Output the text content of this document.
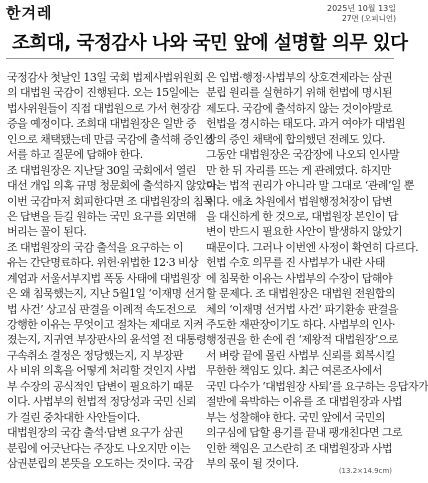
한겨레	2025년 10월 13일
27면 (오피니언)
조희대, 국정감사 나와 국민 앞에 설명할 의무 있다
국정감사 첫날인 13일 국회 법제사법위원회
의 대법원 국감이 진행된다. 오는 15일에는
법사위원들이 직접 대법원으로 가서 현장감
증을 예정이다. 조희대 대법원장은 일반 증
인으로 채택됐는데 만큼 국감에 출석해 증인선
서를 하고 질문에 답해야 한다.
조 대법원장은 지난달 30일 국회에서 열린
대선 개입 의혹 규명 청문회에 출석하지 않았다.
이번 국감마저 회피한다면 조 대법원장의 침묵
은 답변을 듣길 원하는 국민 요구를 외면해
버리는 꼴이 된다.
조 대법원장의 국감 출석을 요구하는 이
유는 간단명료하다. 위헌·위법한 12·3 비상
계엄과 서울서부지법 폭동 사태에 대법원장
은 왜 침묵했는지, 지난 5월1일 ‘이재명 선거
법 사건’ 상고심 판결을 이례적 속도전으로
강행한 이유는 무엇이고 절차는 제대로 지켜
졌는지, 지귀연 부장판사의 윤석열 전 대통령
구속취소 결정은 정당했는지, 지 부장판
사 비위 의혹을 어떻게 처리할 것인지 사법
부 수장의 공식적인 답변이 필요하기 때문
이다. 사법부의 헌법적 정당성과 국민 신뢰
가 걸린 중차대한 사안들이다.
대법원장의 국감 출석·답변 요구가 삼권
분립에 어긋난다는 주장도 나오지만 이는
삼권분립의 본뜻을 오도하는 것이다. 국감
은 입법·행정·사법부의 상호견제라는 삼권
분립 원리를 실현하기 위해 헌법에 명시된
제도다. 국감에 출석하지 않는 것이야말로
헌법을 경시하는 태도다. 과거 여야가 대법원
장의 증인 채택에 합의했던 전례도 있다.
그동안 대법원장은 국감장에 나오되 인사말
만 한 뒤 자리를 뜨는 게 관례였다. 하지만
이는 법적 권리가 아니라 말 그대로 ‘관례’일 뿐
이다. 애초 차원에서 법원행정처장이 답변
을 대신하게 한 것으로, 대법원장 본인이 답
변이 반드시 필요한 사안이 발생하지 않았기
때문이다. 그러나 이번엔 사정이 확연히 다르다.
헌법 수호 의무를 진 사법부가 내란 사태
에 침묵한 이유는 사법부의 수장이 답해야
할 문제다. 조 대법원장은 대법원 전원합의
체의 ‘이재명 선거법 사건’ 파기환송 판결을
주도한 재판장이기도 하다. 사법부의 인사·
행정권을 한 손에 쥔 ‘제왕적 대법원장’으로
서 벼랑 끝에 몰린 사법부 신뢰를 회복시킬
무한한 책임도 있다. 최근 여론조사에서
국민 다수가 ‘대법원장 사퇴’를 요구하는 응답자가
절반에 육박하는 이유를 조 대법원장과 사법
부는 성찰해야 한다. 국민 앞에서 국민의
의구심에 답할 용기를 끝내 팽개친다면 그로
인한 책임은 고스란히 조 대법원장과 사법
부의 몫이 될 것이다.
(13.2×14.9cm)
